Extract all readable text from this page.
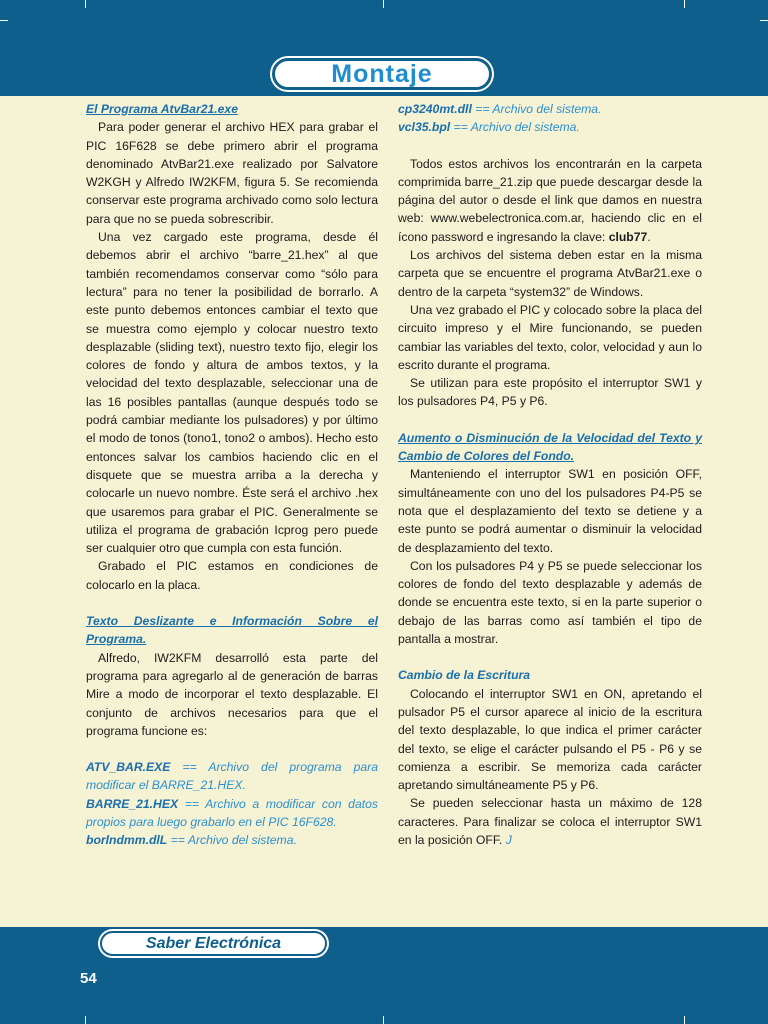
Montaje

El Programa AtvBar21.exe

Para poder generar el archivo HEX para grabar el PIC 16F628 se debe primero abrir el programa denominado AtvBar21.exe realizado por Salvatore W2KGH y Alfredo IW2KFM, figura 5. Se recomienda conservar este programa archivado como solo lectura para que no se pueda sobrescribir.

Una vez cargado este programa, desde él debemos abrir el archivo “barre_21.hex” al que también recomendamos conservar como “sólo para lectura” para no tener la posibilidad de borrarlo. A este punto debemos entonces cambiar el texto que se muestra como ejemplo y colocar nuestro texto desplazable (sliding text), nuestro texto fijo, elegir los colores de fondo y altura de ambos textos, y la velocidad del texto desplazable, seleccionar una de las 16 posibles pantallas (aunque después todo se podrá cambiar mediante los pulsadores) y por último el modo de tonos (tono1, tono2 o ambos). Hecho esto entonces salvar los cambios haciendo clic en el disquete que se muestra arriba a la derecha y colocarle un nuevo nombre. Éste será el archivo .hex que usaremos para grabar el PIC. Generalmente se utiliza el programa de grabación Icprog pero puede ser cualquier otro que cumpla con esta función.

Grabado el PIC estamos en condiciones de colocarlo en la placa.

Texto Deslizante e Información Sobre el Programa.

Alfredo, IW2KFM desarrolló esta parte del programa para agregarlo al de generación de barras Mire a modo de incorporar el texto desplazable. El conjunto de archivos necesarios para que el programa funcione es:

ATV_BAR.EXE == Archivo del programa para modificar el BARRE_21.HEX.

BARRE_21.HEX == Archivo a modificar con datos propios para luego grabarlo en el PIC 16F628.

borlndmm.dlL == Archivo del sistema.

cp3240mt.dll == Archivo del sistema.

vcl35.bpl == Archivo del sistema.

Todos estos archivos los encontrarán en la carpeta comprimida barre_21.zip que puede descargar desde la página del autor o desde el link que damos en nuestra web: www.webelectronica.com.ar, haciendo clic en el ícono password e ingresando la clave: club77.

Los archivos del sistema deben estar en la misma carpeta que se encuentre el programa AtvBar21.exe o dentro de la carpeta “system32” de Windows.

Una vez grabado el PIC y colocado sobre la placa del circuito impreso y el Mire funcionando, se pueden cambiar las variables del texto, color, velocidad y aun lo escrito durante el programa.

Se utilizan para este propósito el interruptor SW1 y los pulsadores P4, P5 y P6.

Aumento o Disminución de la Velocidad del Texto y Cambio de Colores del Fondo.

Manteniendo el interruptor SW1 en posición OFF, simultáneamente con uno del los pulsadores P4-P5 se nota que el desplazamiento del texto se detiene y a este punto se podrá aumentar o disminuir la velocidad de desplazamiento del texto.

Con los pulsadores P4 y P5 se puede seleccionar los colores de fondo del texto desplazable y además de donde se encuentra este texto, si en la parte superior o debajo de las barras como así también el tipo de pantalla a mostrar.

Cambio de la Escritura

Colocando el interruptor SW1 en ON, apretando el pulsador P5 el cursor aparece al inicio de la escritura del texto desplazable, lo que indica el primer carácter del texto, se elige el carácter pulsando el P5 - P6 y se comienza a escribir. Se memoriza cada carácter apretando simultáneamente P5 y P6.

Se pueden seleccionar hasta un máximo de 128 caracteres. Para finalizar se coloca el interruptor SW1 en la posición OFF. J

Saber Electrónica
54
